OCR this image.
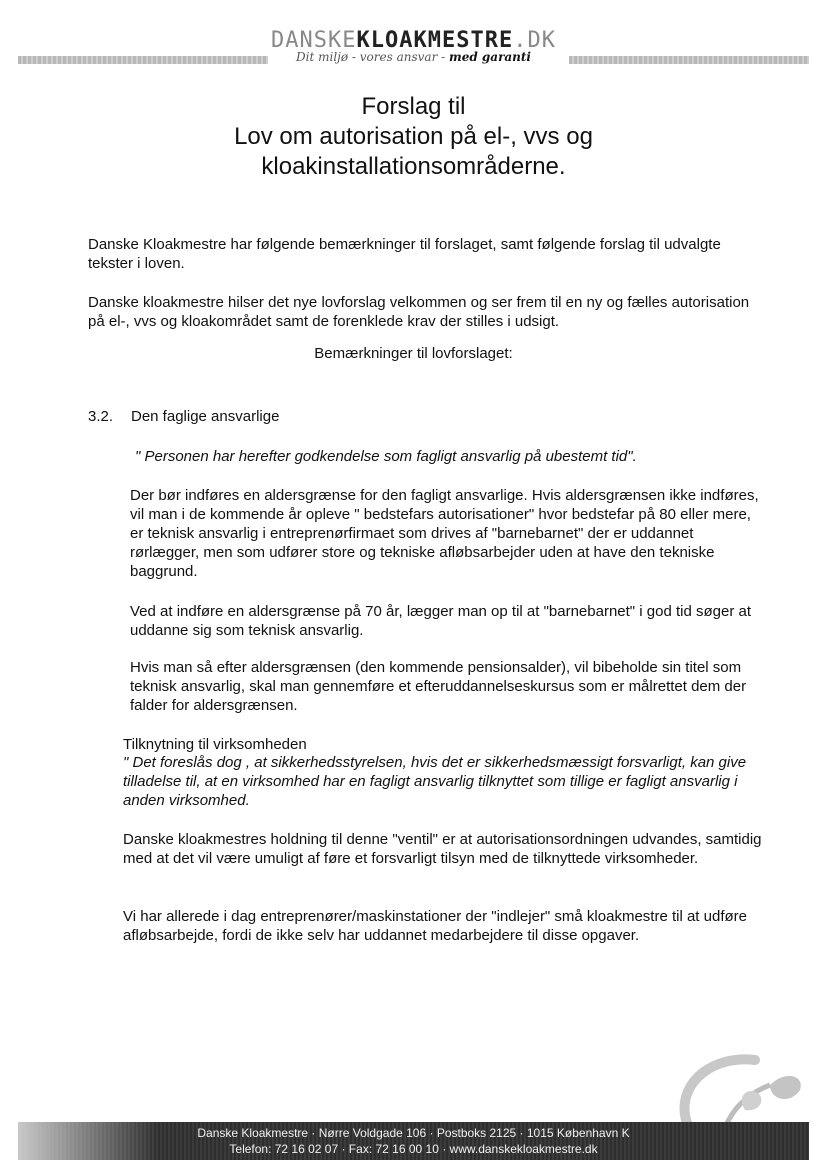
DANSKEKLOAKMESTRE.DK
Dit miljø - vores ansvar - med garanti
Forslag til
Lov om autorisation på el-, vvs og
kloakinstallationsområderne.

Danske Kloakmestre har følgende bemærkninger til forslaget, samt følgende forslag til udvalgte tekster i loven.

Danske kloakmestre hilser det nye lovforslag velkommen og ser frem til en ny og fælles autorisation på el-, vvs og kloakområdet samt de forenklede krav der stilles i udsigt.

Bemærkninger til lovforslaget:

3.2. Den faglige ansvarlige

" Personen har herefter godkendelse som fagligt ansvarlig på ubestemt tid".

Der bør indføres en aldersgrænse for den fagligt ansvarlige. Hvis aldersgrænsen ikke indføres, vil man i de kommende år opleve " bedstefars autorisationer" hvor bedstefar på 80 eller mere, er teknisk ansvarlig i entreprenørfirmaet som drives af "barnebarnet" der er uddannet rørlægger, men som udfører store og tekniske afløbsarbejder uden at have den tekniske baggrund.

Ved at indføre en aldersgrænse på 70 år, lægger man op til at "barnebarnet" i god tid søger at uddanne sig som teknisk ansvarlig.

Hvis man så efter aldersgrænsen (den kommende pensionsalder), vil bibeholde sin titel som teknisk ansvarlig, skal man gennemføre et efteruddannelseskursus som er målrettet dem der falder for aldersgrænsen.

Tilknytning til virksomheden

" Det foreslås dog , at sikkerhedsstyrelsen, hvis det er sikkerhedsmæssigt forsvarligt, kan give tilladelse til, at en virksomhed har en fagligt ansvarlig tilknyttet som tillige er fagligt ansvarlig i anden virksomhed.

Danske kloakmestres holdning til denne "ventil" er at autorisationsordningen udvandes, samtidig med at det vil være umuligt af føre et forsvarligt tilsyn med de tilknyttede virksomheder.

Vi har allerede i dag entreprenører/maskinstationer der "indlejer" små kloakmestre til at udføre afløbsarbejde, fordi de ikke selv har uddannet medarbejdere til disse opgaver.

Danske Kloakmestre · Nørre Voldgade 106 · Postboks 2125 · 1015 København K
Telefon: 72 16 02 07 · Fax: 72 16 00 10 · www.danskekloakmestre.dk
